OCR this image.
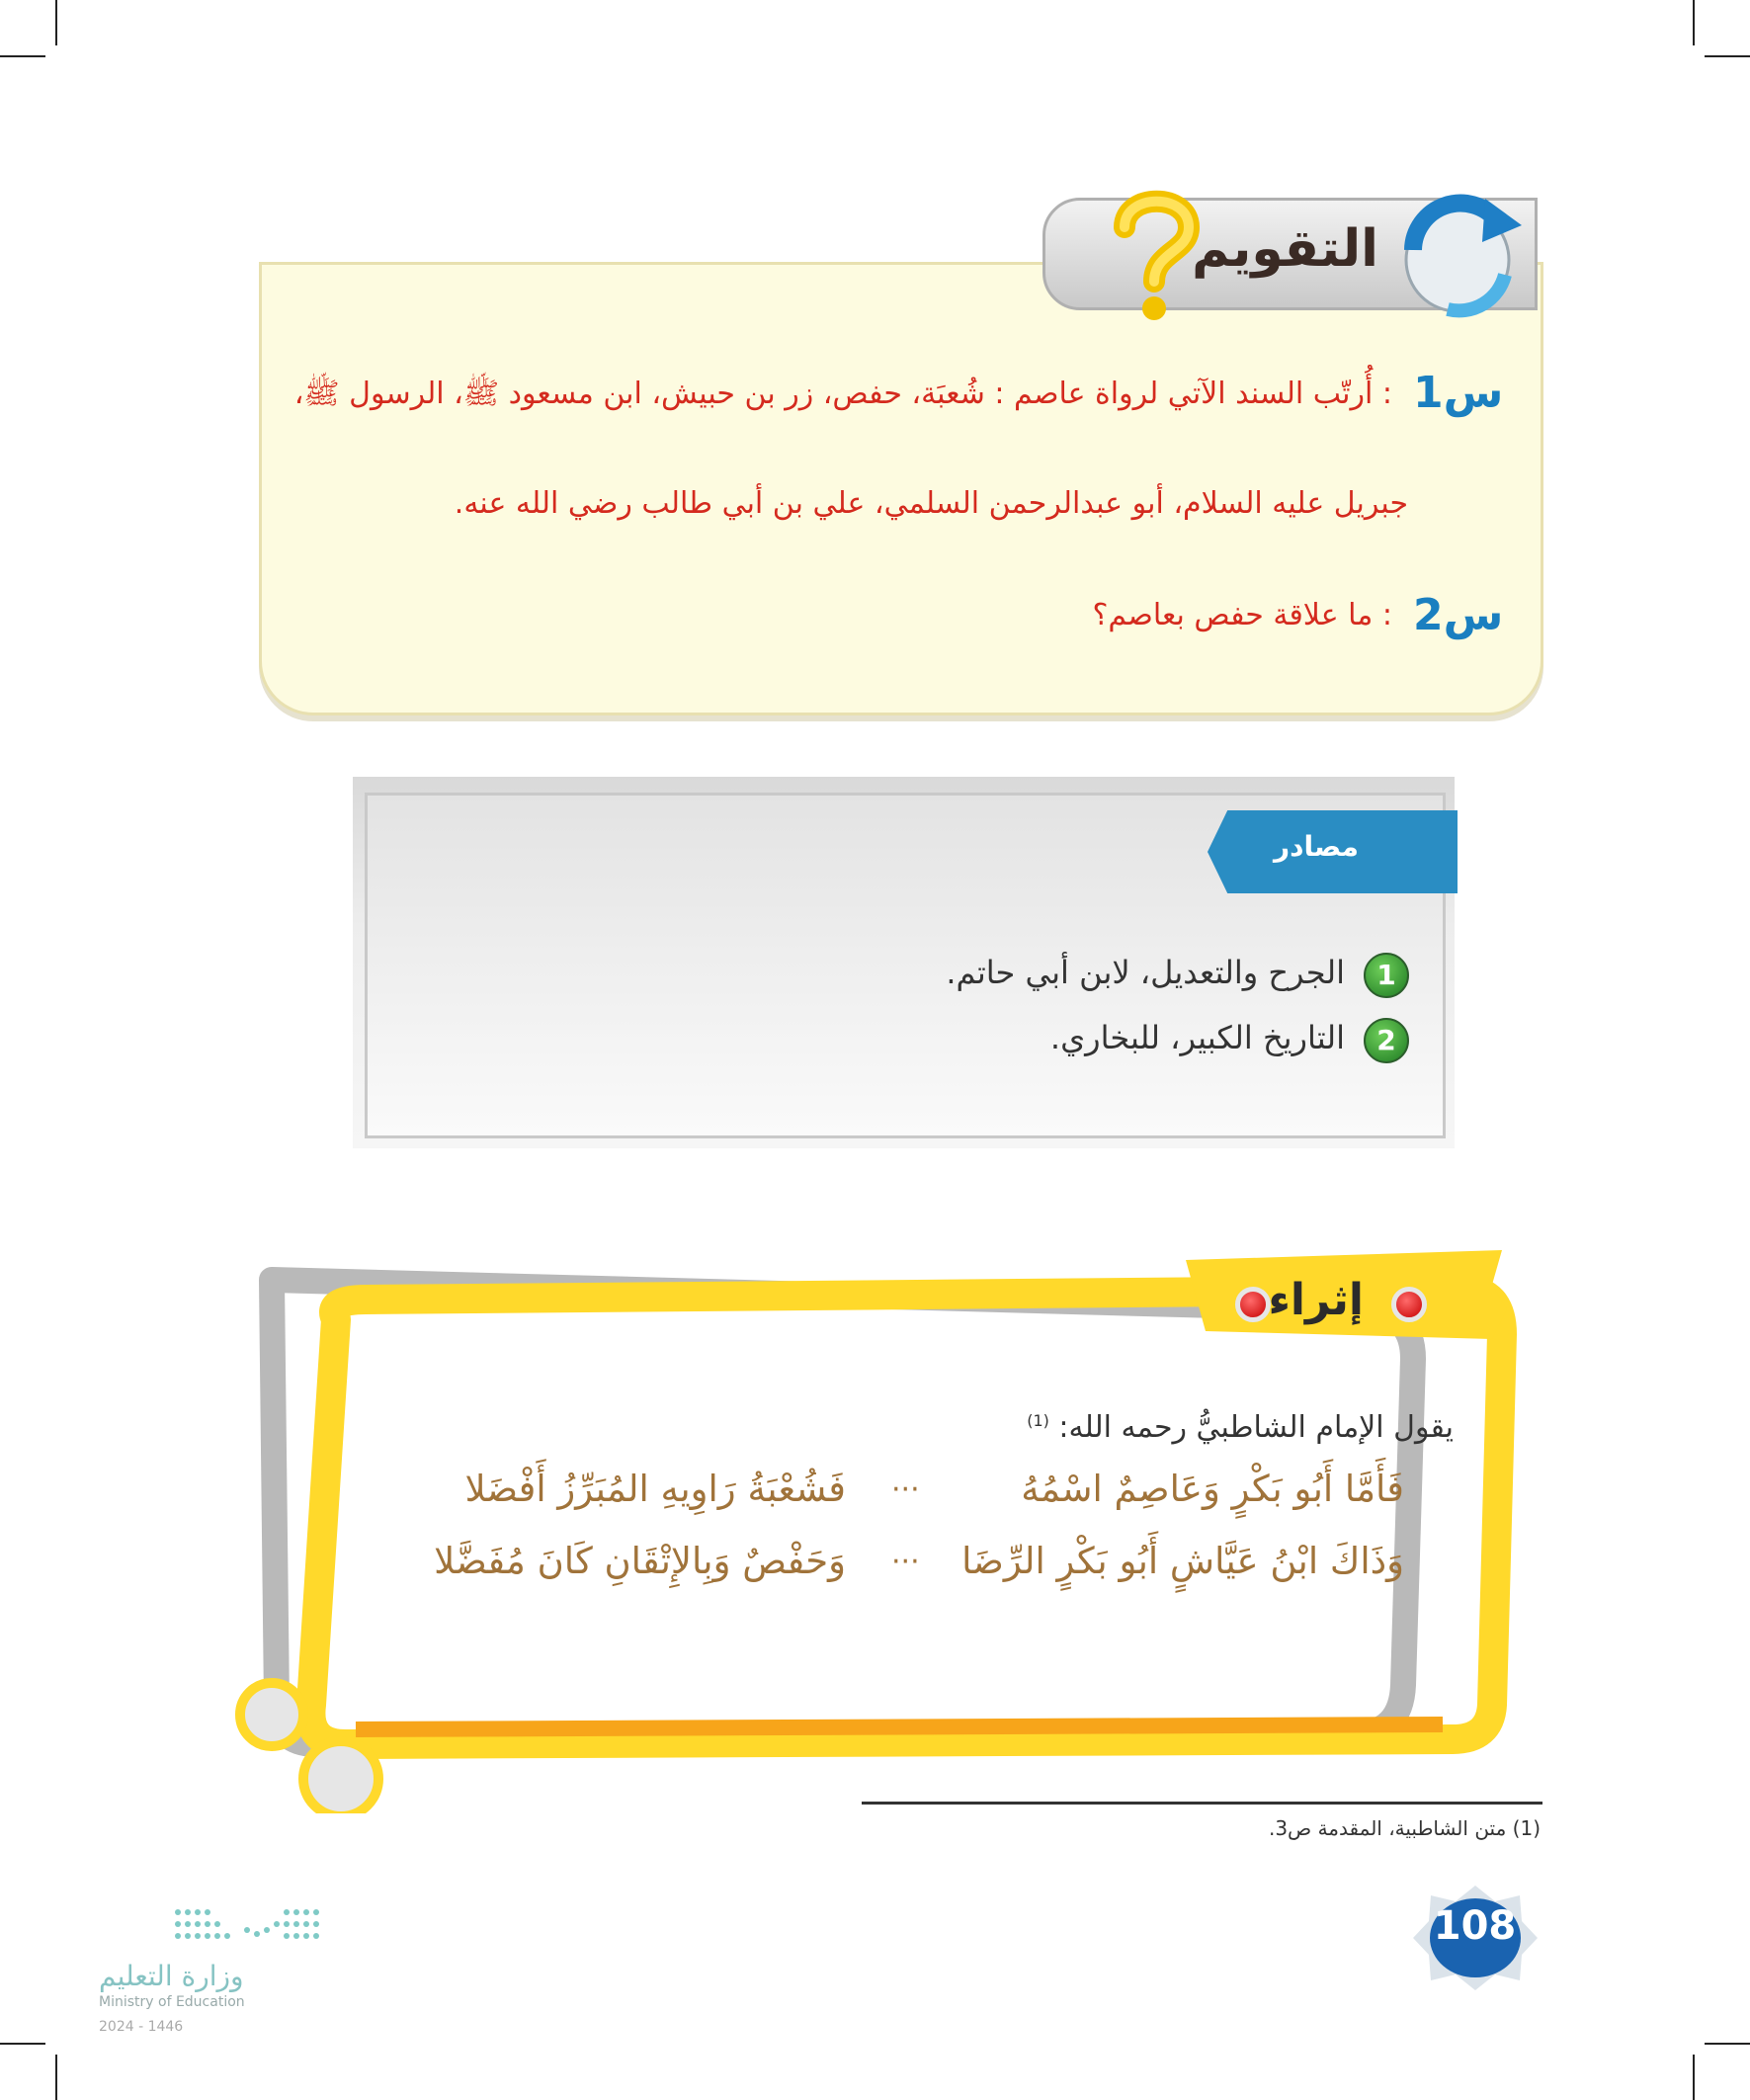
التقويم
س1
: أُرتّب السند الآتي لرواة عاصم : شُعبَة، حفص، زر بن حبيش، ابن مسعود ﷺ، الرسول ﷺ،
جبريل عليه السلام، أبو عبدالرحمن السلمي، علي بن أبي طالب رضي الله عنه.
س2
: ما علاقة حفص بعاصم؟
مصادر
1
الجرح والتعديل، لابن أبي حاتم.
2
التاريخ الكبير، للبخاري.
إثراء
يقول الإمام الشاطبيُّ رحمه الله: $^{(1)}$
فَأَمَّا أَبُو بَكْرٍ وَعَاصِمٌ اسْمُهُ
···
فَشُعْبَةُ رَاوِيهِ المُبَرِّزُ أَفْضَلا
وَذَاكَ ابْنُ عَيَّاشٍ أَبُو بَكْرٍ الرِّضَا
···
وَحَفْصٌ وَبِالإِتْقَانِ كَانَ مُفَضَّلا
(1) متن الشاطبية، المقدمة ص3.
108
وزارة التعليم
Ministry of Education
2024 - 1446
